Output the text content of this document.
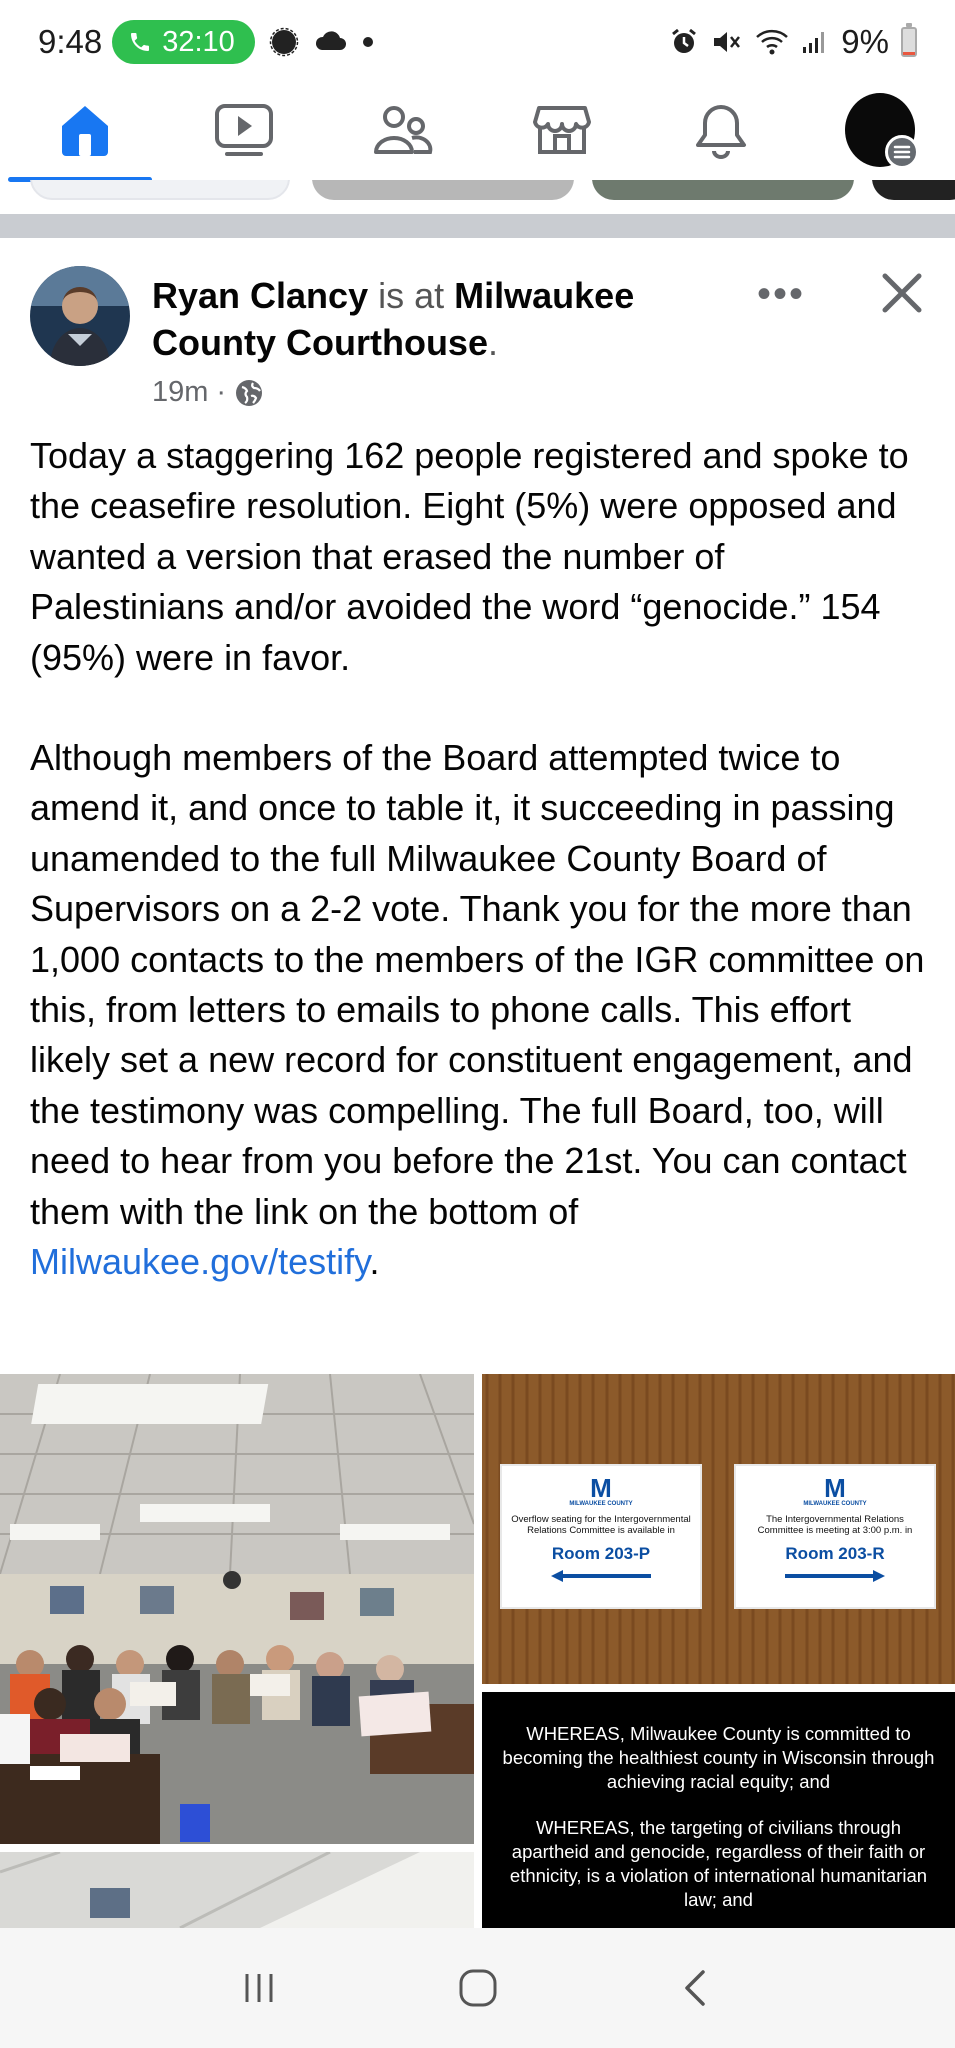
9:48 32:10	9%
Ryan Clancy is at Milwaukee County Courthouse.
19m ·
•••

Today a staggering 162 people registered and spoke to the ceasefire resolution. Eight (5%) were opposed and wanted a version that erased the number of Palestinians and/or avoided the word “genocide.” 154 (95%) were in favor.

Although members of the Board attempted twice to amend it, and once to table it, it succeeding in passing unamended to the full Milwaukee County Board of Supervisors on a 2-2 vote. Thank you for the more than 1,000 contacts to the members of the IGR committee on this, from letters to emails to phone calls. This effort likely set a new record for constituent engagement, and the testimony was compelling. The full Board, too, will need to hear from you before the 21st. You can contact them with the link on the bottom of
Milwaukee.gov/testify.

M
MILWAUKEE COUNTY
Overflow seating for the Intergovernmental Relations Committee is available in
Room 203-P
M
MILWAUKEE COUNTY
The Intergovernmental Relations Committee is meeting at 3:00 p.m. in
Room 203-R

WHEREAS, Milwaukee County is committed to becoming the healthiest county in Wisconsin through achieving racial equity; and

WHEREAS, the targeting of civilians through apartheid and genocide, regardless of their faith or ethnicity, is a violation of international humanitarian law; and
